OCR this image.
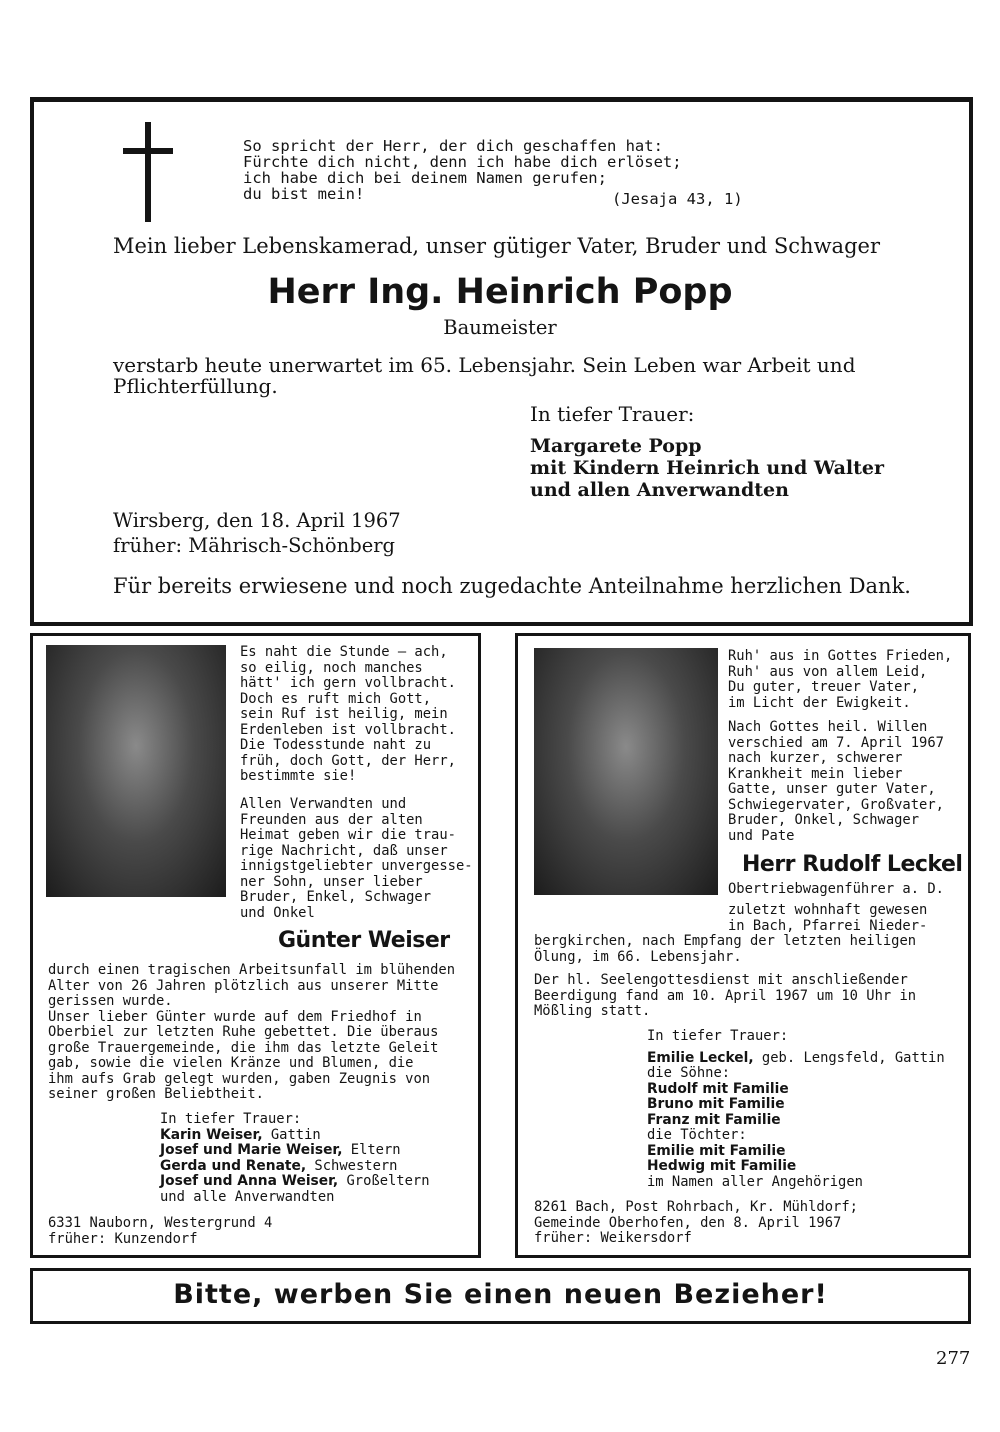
So spricht der Herr, der dich geschaffen hat:
Fürchte dich nicht, denn ich habe dich erlöset;
ich habe dich bei deinem Namen gerufen;
du bist mein!	(Jesaja 43, 1)
Mein lieber Lebenskamerad, unser gütiger Vater, Bruder und Schwager
Herr Ing. Heinrich Popp
Baumeister
verstarb heute unerwartet im 65. Lebensjahr. Sein Leben war Arbeit und
Pflichterfüllung.
In tiefer Trauer:
Margarete Popp
mit Kindern Heinrich und Walter
und allen Anverwandten
Wirsberg, den 18. April 1967
früher: Mährisch-Schönberg
Für bereits erwiesene und noch zugedachte Anteilnahme herzlichen Dank.
Es naht die Stunde — ach,
so eilig, noch manches
hätt' ich gern vollbracht.
Doch es ruft mich Gott,
sein Ruf ist heilig, mein
Erdenleben ist vollbracht.
Die Todesstunde naht zu
früh, doch Gott, der Herr,
bestimmte sie!
Allen Verwandten und
Freunden aus der alten
Heimat geben wir die trau-
rige Nachricht, daß unser
innigstgeliebter unvergesse-
ner Sohn, unser lieber
Bruder, Enkel, Schwager
und Onkel
Günter Weiser
durch einen tragischen Arbeitsunfall im blühenden
Alter von 26 Jahren plötzlich aus unserer Mitte
gerissen wurde.
Unser lieber Günter wurde auf dem Friedhof in
Oberbiel zur letzten Ruhe gebettet. Die überaus
große Trauergemeinde, die ihm das letzte Geleit
gab, sowie die vielen Kränze und Blumen, die
ihm aufs Grab gelegt wurden, gaben Zeugnis von
seiner großen Beliebtheit.
In tiefer Trauer:
Karin Weiser, Gattin
Josef und Marie Weiser, Eltern
Gerda und Renate, Schwestern
Josef und Anna Weiser, Großeltern
und alle Anverwandten
6331 Nauborn, Westergrund 4
früher: Kunzendorf
Ruh' aus in Gottes Frieden,
Ruh' aus von allem Leid,
Du guter, treuer Vater,
im Licht der Ewigkeit.
Nach Gottes heil. Willen
verschied am 7. April 1967
nach kurzer, schwerer
Krankheit mein lieber
Gatte, unser guter Vater,
Schwiegervater, Großvater,
Bruder, Onkel, Schwager
und Pate
Herr Rudolf Leckel
Obertriebwagenführer a. D.
zuletzt wohnhaft gewesen
in Bach, Pfarrei Nieder-
bergkirchen, nach Empfang der letzten heiligen
Ölung, im 66. Lebensjahr.
Der hl. Seelengottesdienst mit anschließender
Beerdigung fand am 10. April 1967 um 10 Uhr in
Mößling statt.
In tiefer Trauer:
Emilie Leckel, geb. Lengsfeld, Gattin
die Söhne:
Rudolf mit Familie
Bruno mit Familie
Franz mit Familie
die Töchter:
Emilie mit Familie
Hedwig mit Familie
im Namen aller Angehörigen
8261 Bach, Post Rohrbach, Kr. Mühldorf;
Gemeinde Oberhofen, den 8. April 1967
früher: Weikersdorf
Bitte, werben Sie einen neuen Bezieher!
277
